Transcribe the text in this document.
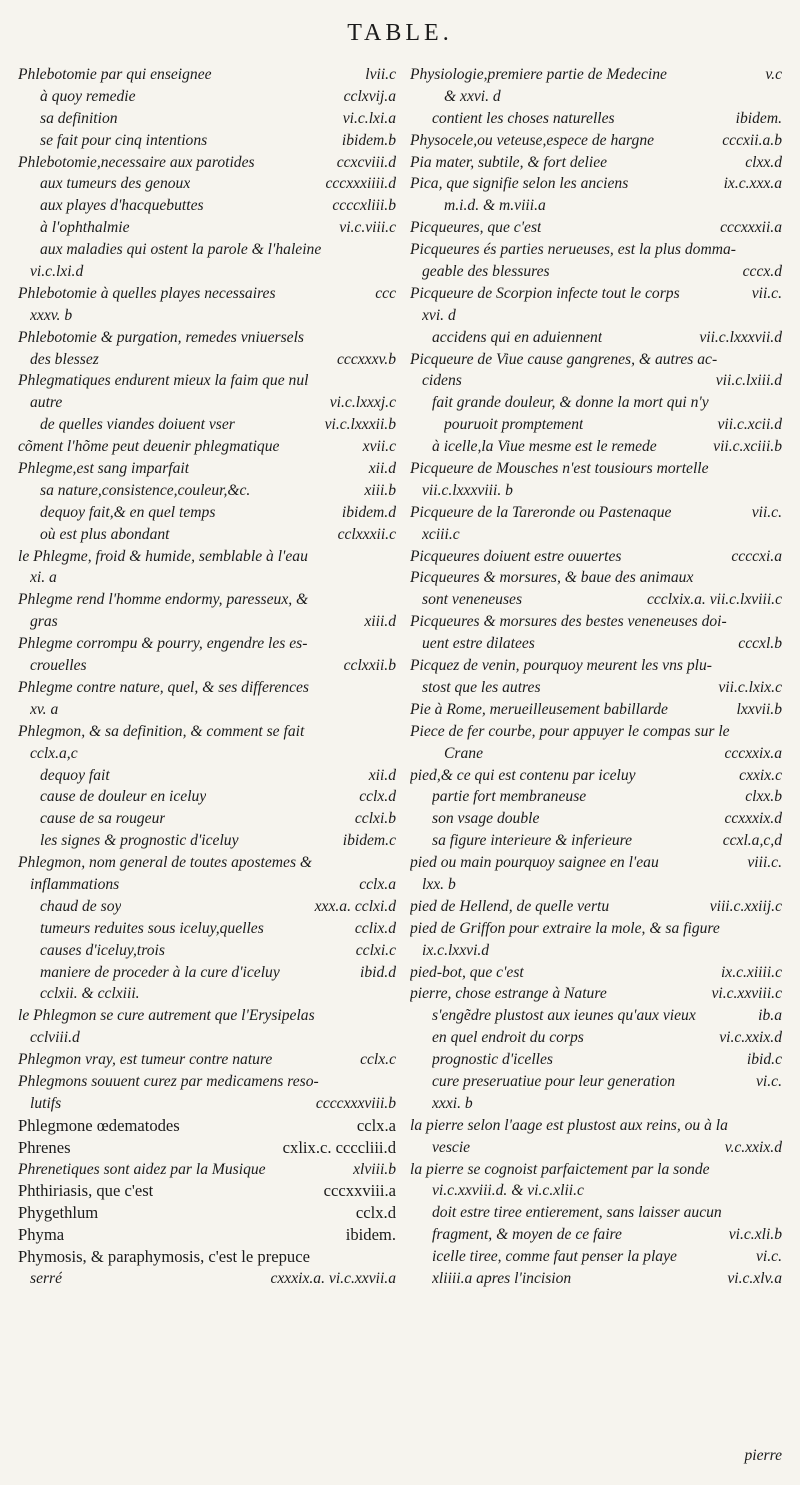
TABLE.
Phlebotomie par qui enseignee	lvii.c
à quoy remedie	cclxvij.a
sa definition	vi.c.lxi.a
se fait pour cinq intentions	ibidem.b
Phlebotomie,necessaire aux parotides	ccxcviii.d
aux tumeurs des genoux	cccxxxiiii.d
aux playes d'hacquebuttes	ccccxliii.b
à l'ophthalmie	vi.c.viii.c
aux maladies qui ostent la parole & l'haleine
vi.c.lxi.d
Phlebotomie à quelles playes necessaires	ccc
xxxv. b
Phlebotomie & purgation, remedes vniuersels
des blessez	cccxxxv.b
Phlegmatiques endurent mieux la faim que nul
autre	vi.c.lxxxj.c
de quelles viandes doiuent vser	vi.c.lxxxii.b
cõment l'hõme peut deuenir phlegmatique	xvii.c
Phlegme,est sang imparfait	xii.d
sa nature,consistence,couleur,&c.	xiii.b
dequoy fait,& en quel temps	ibidem.d
où est plus abondant	cclxxxii.c
le Phlegme, froid & humide, semblable à l'eau
xi. a
Phlegme rend l'homme endormy, paresseux, &
gras	xiii.d
Phlegme corrompu & pourry, engendre les es-
crouelles	cclxxii.b
Phlegme contre nature, quel, & ses differences
xv. a
Phlegmon, & sa definition, & comment se fait
cclx.a,c
dequoy fait	xii.d
cause de douleur en iceluy	cclx.d
cause de sa rougeur	cclxi.b
les signes & prognostic d'iceluy	ibidem.c
Phlegmon, nom general de toutes apostemes &
inflammations	cclx.a
chaud de soy	xxx.a. cclxi.d
tumeurs reduites sous iceluy,quelles	cclix.d
causes d'iceluy,trois	cclxi.c
maniere de proceder à la cure d'iceluy	ibid.d
cclxii. & cclxiii.
le Phlegmon se cure autrement que l'Erysipelas
cclviii.d
Phlegmon vray, est tumeur contre nature	cclx.c
Phlegmons souuent curez par medicamens reso-
lutifs	ccccxxxviii.b
Phlegmone œdematodes	cclx.a
Phrenes	cxlix.c. ccccliii.d
Phrenetiques sont aidez par la Musique	xlviii.b
Phthiriasis, que c'est	cccxxviii.a
Phygethlum	cclx.d
Phyma	ibidem.
Phymosis, & paraphymosis, c'est le prepuce
serré	cxxxix.a. vi.c.xxvii.a
Physiologie,premiere partie de Medecine	v.c
& xxvi. d
contient les choses naturelles	ibidem.
Physocele,ou veteuse,espece de hargne	cccxii.a.b
Pia mater, subtile, & fort deliee	clxx.d
Pica, que signifie selon les anciens	ix.c.xxx.a
m.i.d. & m.viii.a
Picqueures, que c'est	cccxxxii.a
Picqueures és parties nerueuses, est la plus domma-
geable des blessures	cccx.d
Picqueure de Scorpion infecte tout le corps	vii.c.
xvi. d
accidens qui en aduiennent	vii.c.lxxxvii.d
Picqueure de Viue cause gangrenes, & autres ac-
cidens	vii.c.lxiii.d
fait grande douleur, & donne la mort qui n'y
pouruoit promptement	vii.c.xcii.d
à icelle,la Viue mesme est le remede	vii.c.xciii.b
Picqueure de Mousches n'est tousiours mortelle
vii.c.lxxxviii. b
Picqueure de la Tareronde ou Pastenaque	vii.c.
xciii.c
Picqueures doiuent estre ouuertes	ccccxi.a
Picqueures & morsures, & baue des animaux
sont veneneuses	ccclxix.a. vii.c.lxviii.c
Picqueures & morsures des bestes veneneuses doi-
uent estre dilatees	cccxl.b
Picquez de venin, pourquoy meurent les vns plu-
stost que les autres	vii.c.lxix.c
Pie à Rome, merueilleusement babillarde	lxxvii.b
Piece de fer courbe, pour appuyer le compas sur le
Crane	cccxxix.a
pied,& ce qui est contenu par iceluy	cxxix.c
partie fort membraneuse	clxx.b
son vsage double	ccxxxix.d
sa figure interieure & inferieure	ccxl.a,c,d
pied ou main pourquoy saignee en l'eau	viii.c.
lxx. b
pied de Hellend, de quelle vertu	viii.c.xxiij.c
pied de Griffon pour extraire la mole, & sa figure
ix.c.lxxvi.d
pied-bot, que c'est	ix.c.xiiii.c
pierre, chose estrange à Nature	vi.c.xxviii.c
s'engẽdre plustost aux ieunes qu'aux vieux	ib.a
en quel endroit du corps	vi.c.xxix.d
prognostic d'icelles	ibid.c
cure preseruatiue pour leur generation	vi.c.
xxxi. b
la pierre selon l'aage est plustost aux reins, ou à la
vescie	v.c.xxix.d
la pierre se cognoist parfaictement par la sonde
vi.c.xxviii.d. & vi.c.xlii.c
doit estre tiree entierement, sans laisser aucun
fragment, & moyen de ce faire	vi.c.xli.b
icelle tiree, comme faut penser la playe	vi.c.
xliiii.a apres l'incision	vi.c.xlv.a
pierre
